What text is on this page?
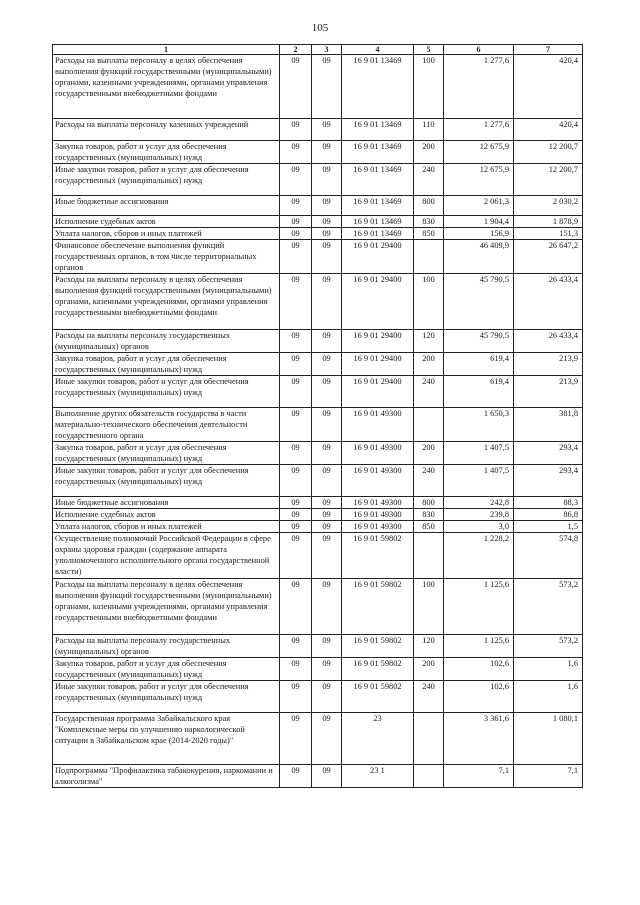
105
1	2	3	4	5	6	7
Расходы на выплаты персоналу в целях обеспечения выполнения функций государственными (муниципальными) органами, казенными учреждениями, органами управления государственными внебюджетными фондами	09	09	16 9 01 13469	100	1 277,6	420,4
Расходы на выплаты персоналу казенных учреждений	09	09	16 9 01 13469	110	1 277,6	420,4
Закупка товаров, работ и услуг для обеспечения государственных (муниципальных) нужд	09	09	16 9 01 13469	200	12 675,9	12 200,7
Иные закупки товаров, работ и услуг для обеспечения государственных (муниципальных) нужд	09	09	16 9 01 13469	240	12 675,9	12 200,7
Иные бюджетные ассигнования	09	09	16 9 01 13469	800	2 061,3	2 030,2
Исполнение судебных актов	09	09	16 9 01 13469	830	1 904,4	1 878,9
Уплата налогов, сборов и иных платежей	09	09	16 9 01 13469	850	156,9	151,3
Финансовое обеспечение выполнения функций государственных органов, в том числе территориальных органов	09	09	16 9 01 29400		46 409,9	26 647,2
Расходы на выплаты персоналу в целях обеспечения выполнения функций государственными (муниципальными) органами, казенными учреждениями, органами управления государственными внебюджетными фондами	09	09	16 9 01 29400	100	45 790,5	26 433,4
Расходы на выплаты персоналу государственных (муниципальных) органов	09	09	16 9 01 29400	120	45 790,5	26 433,4
Закупка товаров, работ и услуг для обеспечения государственных (муниципальных) нужд	09	09	16 9 01 29400	200	619,4	213,9
Иные закупки товаров, работ и услуг для обеспечения государственных (муниципальных) нужд	09	09	16 9 01 29400	240	619,4	213,9
Выполнение других обязательств государства в части материально-технического обеспечения деятельности государственного органа	09	09	16 9 01 49300		1 650,3	381,8
Закупка товаров, работ и услуг для обеспечения государственных (муниципальных) нужд	09	09	16 9 01 49300	200	1 407,5	293,4
Иные закупки товаров, работ и услуг для обеспечения государственных (муниципальных) нужд	09	09	16 9 01 49300	240	1 407,5	293,4
Иные бюджетные ассигнования	09	09	16 9 01 49300	800	242,8	88,3
Исполнение судебных актов	09	09	16 9 01 49300	830	239,8	86,8
Уплата налогов, сборов и иных платежей	09	09	16 9 01 49300	850	3,0	1,5
Осуществление полномочий Российской Федерации в сфере охраны здоровья граждан (содержание аппарата уполномоченного исполнительного органа государственной власти)	09	09	16 9 01 59802		1 228,2	574,8
Расходы на выплаты персоналу в целях обеспечения выполнения функций государственными (муниципальными) органами, казенными учреждениями, органами управления государственными внебюджетными фондами	09	09	16 9 01 59802	100	1 125,6	573,2
Расходы на выплаты персоналу государственных (муниципальных) органов	09	09	16 9 01 59802	120	1 125,6	573,2
Закупка товаров, работ и услуг для обеспечения государственных (муниципальных) нужд	09	09	16 9 01 59802	200	102,6	1,6
Иные закупки товаров, работ и услуг для обеспечения государственных (муниципальных) нужд	09	09	16 9 01 59802	240	102,6	1,6
Государственная программа Забайкальского края "Комплексные меры по улучшению наркологической ситуации в Забайкальском крае (2014-2020 годы)"	09	09	23		3 361,6	1 080,1
Подпрограмма "Профилактика табакокурения, наркомании и алкоголизма"	09	09	23 1		7,1	7,1
